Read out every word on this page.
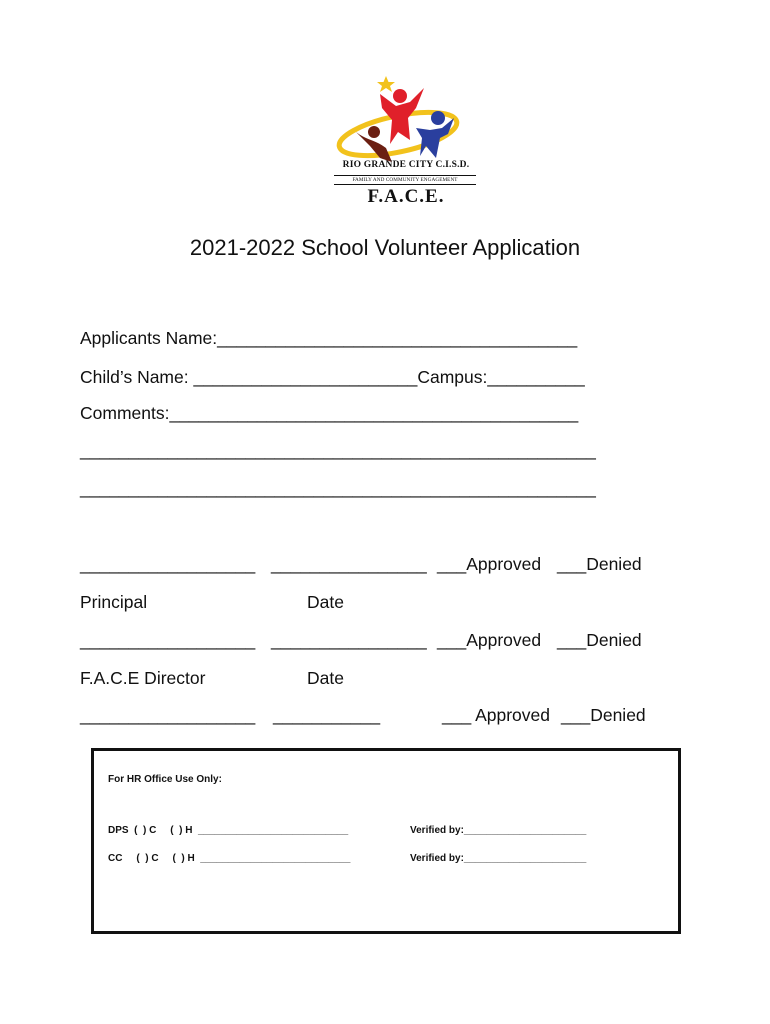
RIO GRANDE CITY C.I.S.D.
FAMILY AND COMMUNITY ENGAGEMENT
F.A.C.E.
2021-2022 School Volunteer Application
Applicants Name:_____________________________________
Child’s Name: _______________________Campus:__________
Comments:__________________________________________
_____________________________________________________
_____________________________________________________
__________________ ________________ ___Approved ___Denied
Principal	Date
__________________ ________________ ___Approved ___Denied
F.A.C.E Director	Date
__________________ ___________	___ Approved ___Denied
For HR Office Use Only:
DPS  (  ) C     (  ) H  ___________________________	Verified by:______________________
CC     (  ) C     (  ) H  ___________________________	Verified by:______________________
